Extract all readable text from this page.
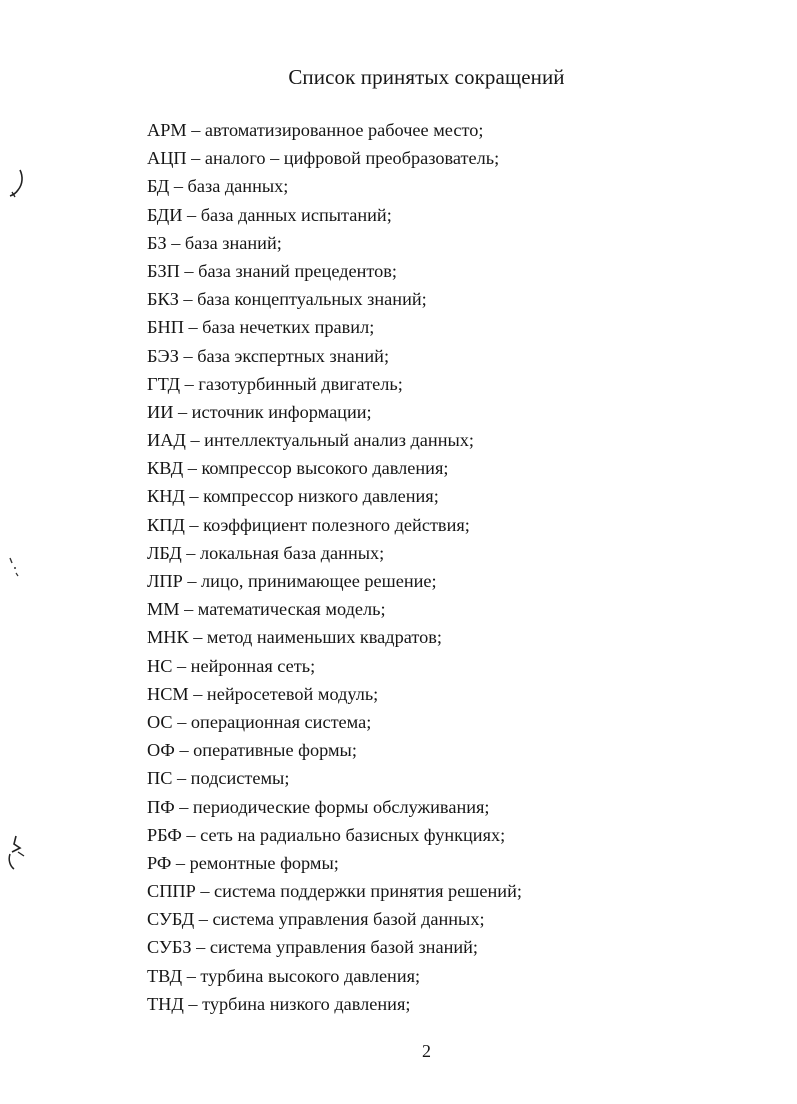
Список принятых сокращений
АРМ – автоматизированное рабочее место;
АЦП – аналого – цифровой преобразователь;
БД – база данных;
БДИ – база данных испытаний;
БЗ – база знаний;
БЗП – база знаний прецедентов;
БКЗ – база концептуальных знаний;
БНП – база нечетких правил;
БЭЗ – база экспертных знаний;
ГТД – газотурбинный двигатель;
ИИ – источник информации;
ИАД – интеллектуальный анализ данных;
КВД – компрессор высокого давления;
КНД – компрессор низкого давления;
КПД – коэффициент полезного действия;
ЛБД – локальная база данных;
ЛПР – лицо, принимающее решение;
ММ – математическая модель;
МНК – метод наименьших квадратов;
НС – нейронная сеть;
НСМ – нейросетевой модуль;
ОС – операционная система;
ОФ – оперативные формы;
ПС – подсистемы;
ПФ – периодические формы обслуживания;
РБФ – сеть на радиально базисных функциях;
РФ – ремонтные формы;
СППР – система поддержки принятия решений;
СУБД – система управления базой данных;
СУБЗ – система управления базой знаний;
ТВД – турбина высокого давления;
ТНД – турбина низкого давления;
2
